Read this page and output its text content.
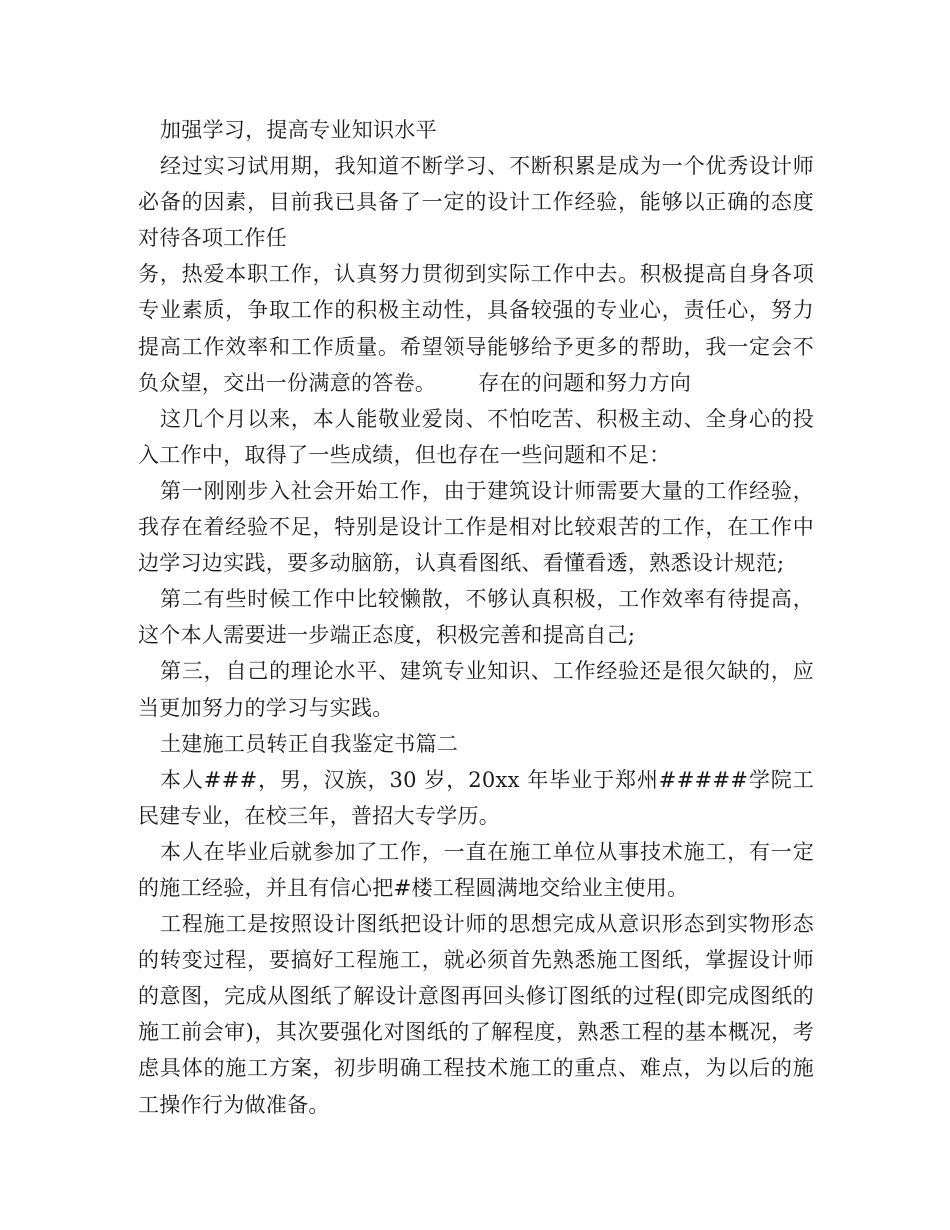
加强学习，提高专业知识水平

经过实习试用期，我知道不断学习、不断积累是成为一个优秀设计师必备的因素，目前我已具备了一定的设计工作经验，能够以正确的态度对待各项工作任

务，热爱本职工作，认真努力贯彻到实际工作中去。积极提高自身各项专业素质，争取工作的积极主动性，具备较强的专业心，责任心，努力提高工作效率和工作质量。希望领导能够给予更多的帮助，我一定会不负众望，交出一份满意的答卷。 存在的问题和努力方向

这几个月以来，本人能敬业爱岗、不怕吃苦、积极主动、全身心的投入工作中，取得了一些成绩，但也存在一些问题和不足：

第一刚刚步入社会开始工作，由于建筑设计师需要大量的工作经验，我存在着经验不足，特别是设计工作是相对比较艰苦的工作，在工作中边学习边实践，要多动脑筋，认真看图纸、看懂看透，熟悉设计规范;

第二有些时候工作中比较懒散，不够认真积极，工作效率有待提高，这个本人需要进一步端正态度，积极完善和提高自己;

第三，自己的理论水平、建筑专业知识、工作经验还是很欠缺的，应当更加努力的学习与实践。

土建施工员转正自我鉴定书篇二

本人###，男，汉族，30 岁，20xx 年毕业于郑州#####学院工民建专业，在校三年，普招大专学历。

本人在毕业后就参加了工作，一直在施工单位从事技术施工，有一定的施工经验，并且有信心把#楼工程圆满地交给业主使用。

工程施工是按照设计图纸把设计师的思想完成从意识形态到实物形态的转变过程，要搞好工程施工，就必须首先熟悉施工图纸，掌握设计师的意图，完成从图纸了解设计意图再回头修订图纸的过程(即完成图纸的施工前会审)，其次要强化对图纸的了解程度，熟悉工程的基本概况，考虑具体的施工方案，初步明确工程技术施工的重点、难点，为以后的施工操作行为做准备。
